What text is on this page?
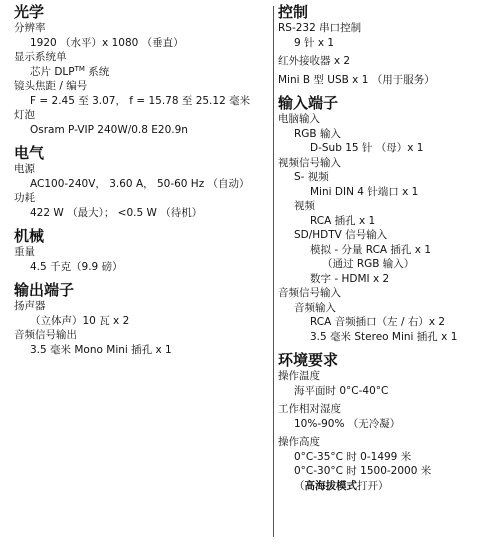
光学
分辨率
1920 （水平）x 1080 （垂直）
显示系统单
芯片 DLP™ 系统
镜头焦距 / 编号
F = 2.45 至 3.07， f = 15.78 至 25.12 毫米
灯泡
Osram P-VIP 240W/0.8 E20.9n
电气
电源
AC100-240V， 3.60 A， 50-60 Hz （自动）
功耗
422 W （最大）； <0.5 W （待机）
机械
重量
4.5 千克（9.9 磅）
输出端子
扬声器
（立体声）10 瓦 x 2
音频信号输出
3.5 毫米 Mono Mini 插孔 x 1
控制
RS-232 串口控制
9 针 x 1
红外接收器 x 2
Mini B 型 USB x 1 （用于服务）
输入端子
电脑输入
RGB 输入
D-Sub 15 针 （母）x 1
视频信号输入
S- 视频
Mini DIN 4 针端口 x 1
视频
RCA 插孔 x 1
SD/HDTV 信号输入
模拟 - 分量 RCA 插孔 x 1
（通过 RGB 输入）
数字 - HDMI x 2
音频信号输入
音频输入
RCA 音频插口（左 / 右）x 2
3.5 毫米 Stereo Mini 插孔 x 1
环境要求
操作温度
海平面时 0°C-40°C
工作相对湿度
10%-90% （无冷凝）
操作高度
0°C-35°C 时 0-1499 米
0°C-30°C 时 1500-2000 米
（高海拔模式打开）
